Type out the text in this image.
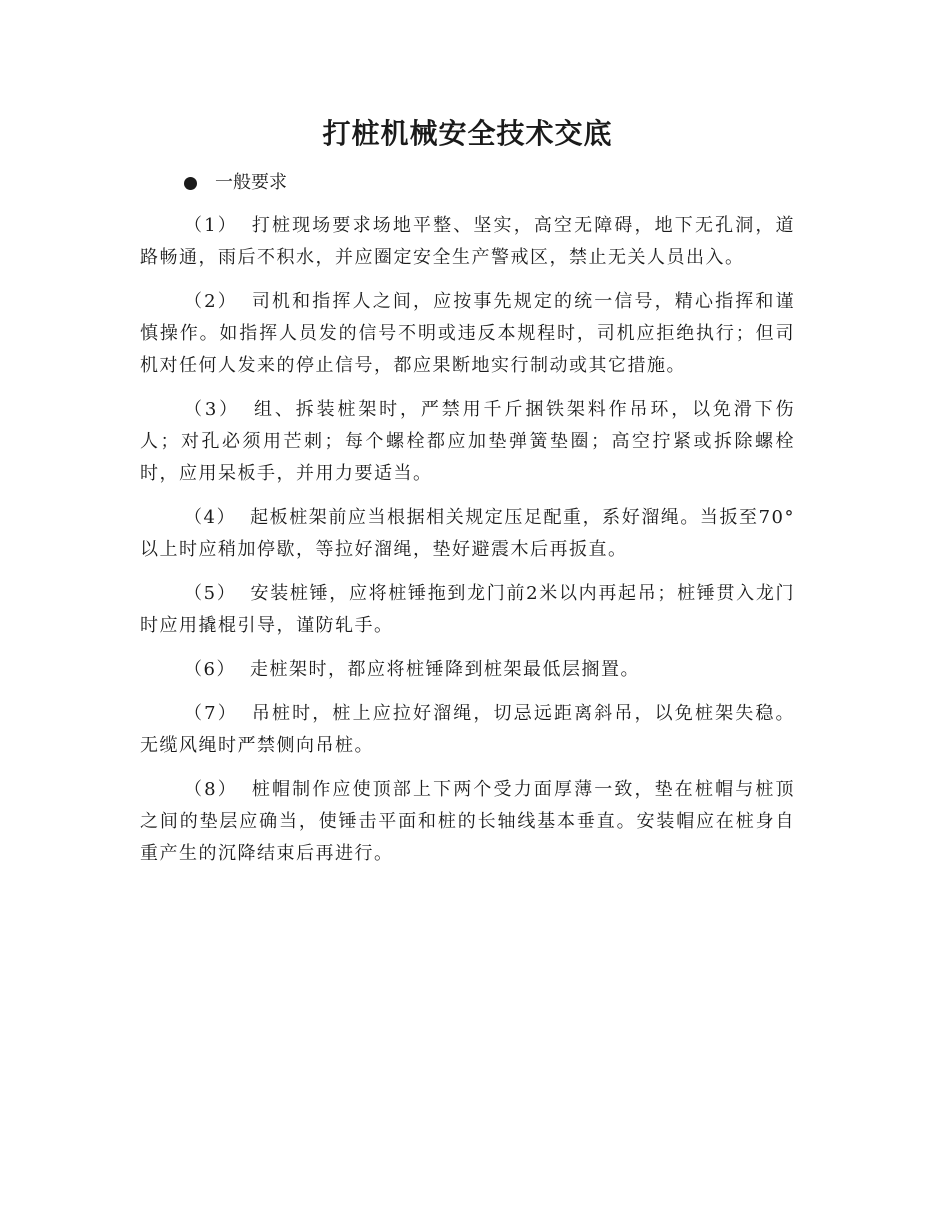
打桩机械安全技术交底
一般要求

（1） 打桩现场要求场地平整、坚实，高空无障碍，地下无孔洞，道路畅通，雨后不积水，并应圈定安全生产警戒区，禁止无关人员出入。

（2） 司机和指挥人之间，应按事先规定的统一信号，精心指挥和谨慎操作。如指挥人员发的信号不明或违反本规程时，司机应拒绝执行；但司机对任何人发来的停止信号，都应果断地实行制动或其它措施。

（3） 组、拆装桩架时，严禁用千斤捆铁架料作吊环，以免滑下伤人；对孔必须用芒刺；每个螺栓都应加垫弹簧垫圈；高空拧紧或拆除螺栓时，应用呆板手，并用力要适当。

（4） 起板桩架前应当根据相关规定压足配重，系好溜绳。当扳至70°以上时应稍加停歇，等拉好溜绳，垫好避震木后再扳直。

（5） 安装桩锤，应将桩锤拖到龙门前2米以内再起吊；桩锤贯入龙门时应用撬棍引导，谨防轧手。

（6） 走桩架时，都应将桩锤降到桩架最低层搁置。

（7） 吊桩时，桩上应拉好溜绳，切忌远距离斜吊，以免桩架失稳。无缆风绳时严禁侧向吊桩。

（8） 桩帽制作应使顶部上下两个受力面厚薄一致，垫在桩帽与桩顶之间的垫层应确当，使锤击平面和桩的长轴线基本垂直。安装帽应在桩身自重产生的沉降结束后再进行。
